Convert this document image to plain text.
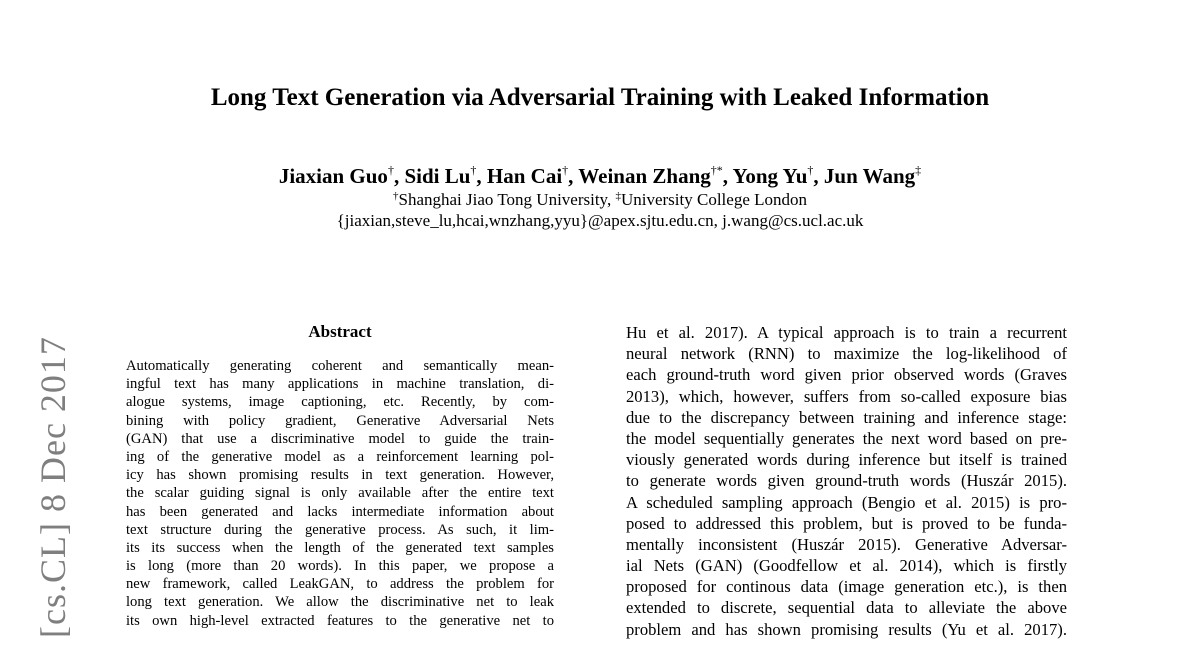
[cs.CL] 8 Dec 2017
Long Text Generation via Adversarial Training with Leaked Information
Jiaxian Guo†, Sidi Lu†, Han Cai†, Weinan Zhang†*, Yong Yu†, Jun Wang‡
†Shanghai Jiao Tong University, ‡University College London
{jiaxian,steve_lu,hcai,wnzhang,yyu}@apex.sjtu.edu.cn, j.wang@cs.ucl.ac.uk
Abstract
Automatically generating coherent and semantically mean-
ingful text has many applications in machine translation, di-
alogue systems, image captioning, etc. Recently, by com-
bining with policy gradient, Generative Adversarial Nets
(GAN) that use a discriminative model to guide the train-
ing of the generative model as a reinforcement learning pol-
icy has shown promising results in text generation. However,
the scalar guiding signal is only available after the entire text
has been generated and lacks intermediate information about
text structure during the generative process. As such, it lim-
its its success when the length of the generated text samples
is long (more than 20 words). In this paper, we propose a
new framework, called LeakGAN, to address the problem for
long text generation. We allow the discriminative net to leak
its own high-level extracted features to the generative net to
Hu et al. 2017). A typical approach is to train a recurrent
neural network (RNN) to maximize the log-likelihood of
each ground-truth word given prior observed words (Graves
2013), which, however, suffers from so-called exposure bias
due to the discrepancy between training and inference stage:
the model sequentially generates the next word based on pre-
viously generated words during inference but itself is trained
to generate words given ground-truth words (Huszár 2015).
A scheduled sampling approach (Bengio et al. 2015) is pro-
posed to addressed this problem, but is proved to be funda-
mentally inconsistent (Huszár 2015). Generative Adversar-
ial Nets (GAN) (Goodfellow et al. 2014), which is firstly
proposed for continous data (image generation etc.), is then
extended to discrete, sequential data to alleviate the above
problem and has shown promising results (Yu et al. 2017).
